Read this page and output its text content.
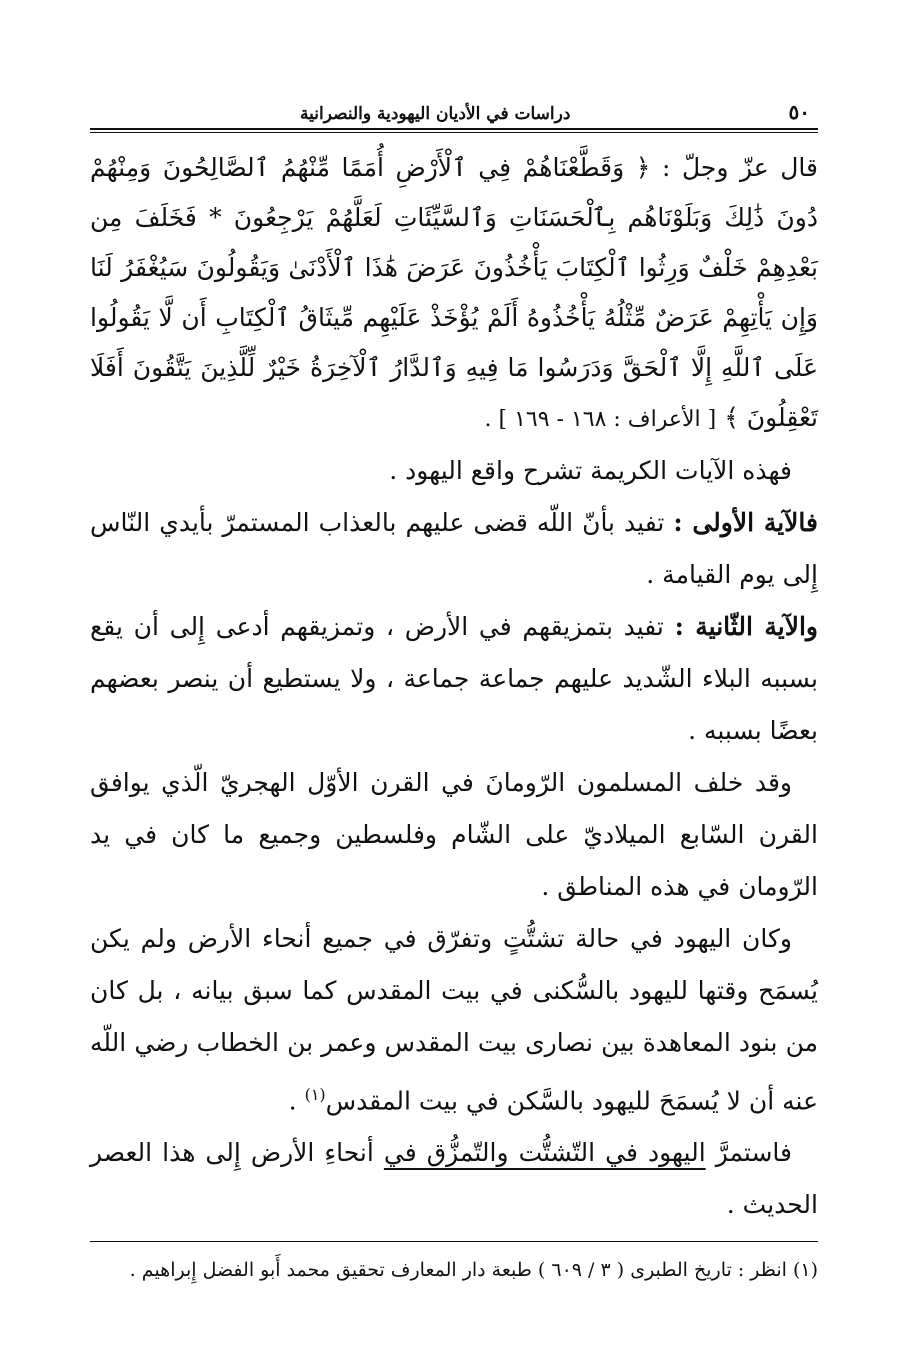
٥٠
دراسات في الأديان اليهودية والنصرانية

قال عزّ وجلّ : ﴿ وَقَطَّعْنَاهُمْ فِي ٱلْأَرْضِ أُمَمًا مِّنْهُمُ ٱلصَّالِحُونَ وَمِنْهُمْ دُونَ ذَٰلِكَ وَبَلَوْنَاهُم بِٱلْحَسَنَاتِ وَٱلسَّيِّئَاتِ لَعَلَّهُمْ يَرْجِعُونَ * فَخَلَفَ مِن بَعْدِهِمْ خَلْفٌ وَرِثُوا ٱلْكِتَابَ يَأْخُذُونَ عَرَضَ هَٰذَا ٱلْأَدْنَىٰ وَيَقُولُونَ سَيُغْفَرُ لَنَا وَإِن يَأْتِهِمْ عَرَضٌ مِّثْلُهُ يَأْخُذُوهُ أَلَمْ يُؤْخَذْ عَلَيْهِم مِّيثَاقُ ٱلْكِتَابِ أَن لَّا يَقُولُوا عَلَى ٱللَّهِ إِلَّا ٱلْحَقَّ وَدَرَسُوا مَا فِيهِ وَٱلدَّارُ ٱلْآخِرَةُ خَيْرٌ لِّلَّذِينَ يَتَّقُونَ أَفَلَا تَعْقِلُونَ ﴾ [ الأعراف : ١٦٨ - ١٦٩ ] .

فهذه الآيات الكريمة تشرح واقع اليهود .

فالآية الأولى : تفيد بأنّ اللّه قضى عليهم بالعذاب المستمرّ بأيدي النّاس إِلى يوم القيامة .

والآية الثّانية : تفيد بتمزيقهم في الأرض ، وتمزيقهم أدعى إِلى أن يقع بسببه البلاء الشّديد عليهم جماعة جماعة ، ولا يستطيع أن ينصر بعضهم بعضًا بسببه .

وقد خلف المسلمون الرّومانَ في القرن الأوّل الهجريّ الّذي يوافق القرن السّابع الميلاديّ على الشّام وفلسطين وجميع ما كان في يد الرّومان في هذه المناطق .

وكان اليهود في حالة تشتُّتٍ وتفرّق في جميع أنحاء الأرض ولم يكن يُسمَح وقتها لليهود بالسُّكنى في بيت المقدس كما سبق بيانه ، بل كان من بنود المعاهدة بين نصارى بيت المقدس وعمر بن الخطاب رضي اللّه عنه أن لا يُسمَحَ لليهود بالسَّكن في بيت المقدس$^{(١)}$ .

فاستمرَّ اليهود في التّشتُّت والتّمزُّق في أنحاءِ الأرض إِلى هذا العصر الحديث .

(١) انظر : تاريخ الطبرى ( ٣ / ٦٠٩ ) طبعة دار المعارف تحقيق محمد أَبو الفضل إِبراهيم .
